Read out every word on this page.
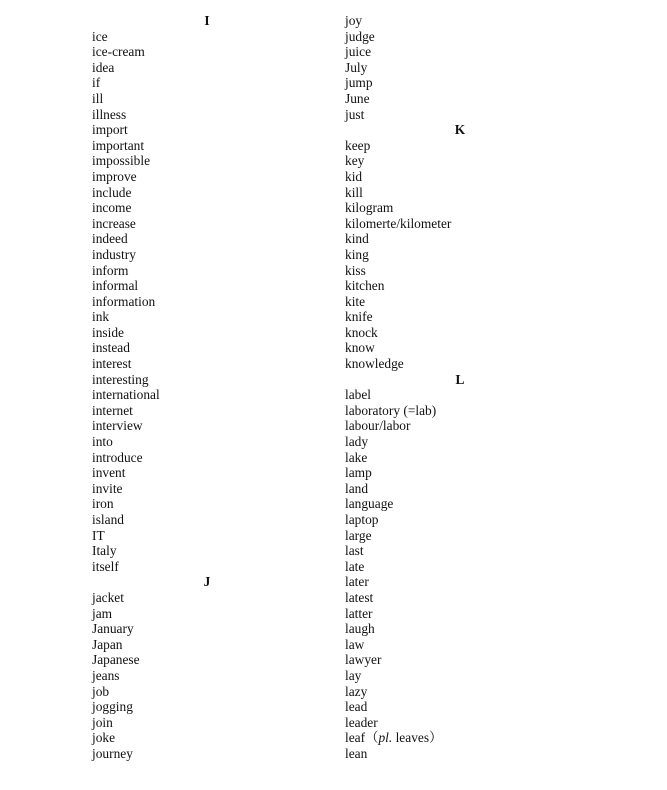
I
ice
ice-cream
idea
if
ill
illness
import
important
impossible
improve
include
income
increase
indeed
industry
inform
informal
information
ink
inside
instead
interest
interesting
international
internet
interview
into
introduce
invent
invite
iron
island
IT
Italy
itself
J
jacket
jam
January
Japan
Japanese
jeans
job
jogging
join
joke
journey
joy
judge
juice
July
jump
June
just
K
keep
key
kid
kill
kilogram
kilomerte/kilometer
kind
king
kiss
kitchen
kite
knife
knock
know
knowledge
L
label
laboratory (=lab)
labour/labor
lady
lake
lamp
land
language
laptop
large
last
late
later
latest
latter
laugh
law
lawyer
lay
lazy
lead
leader
leaf（pl. leaves）
lean
